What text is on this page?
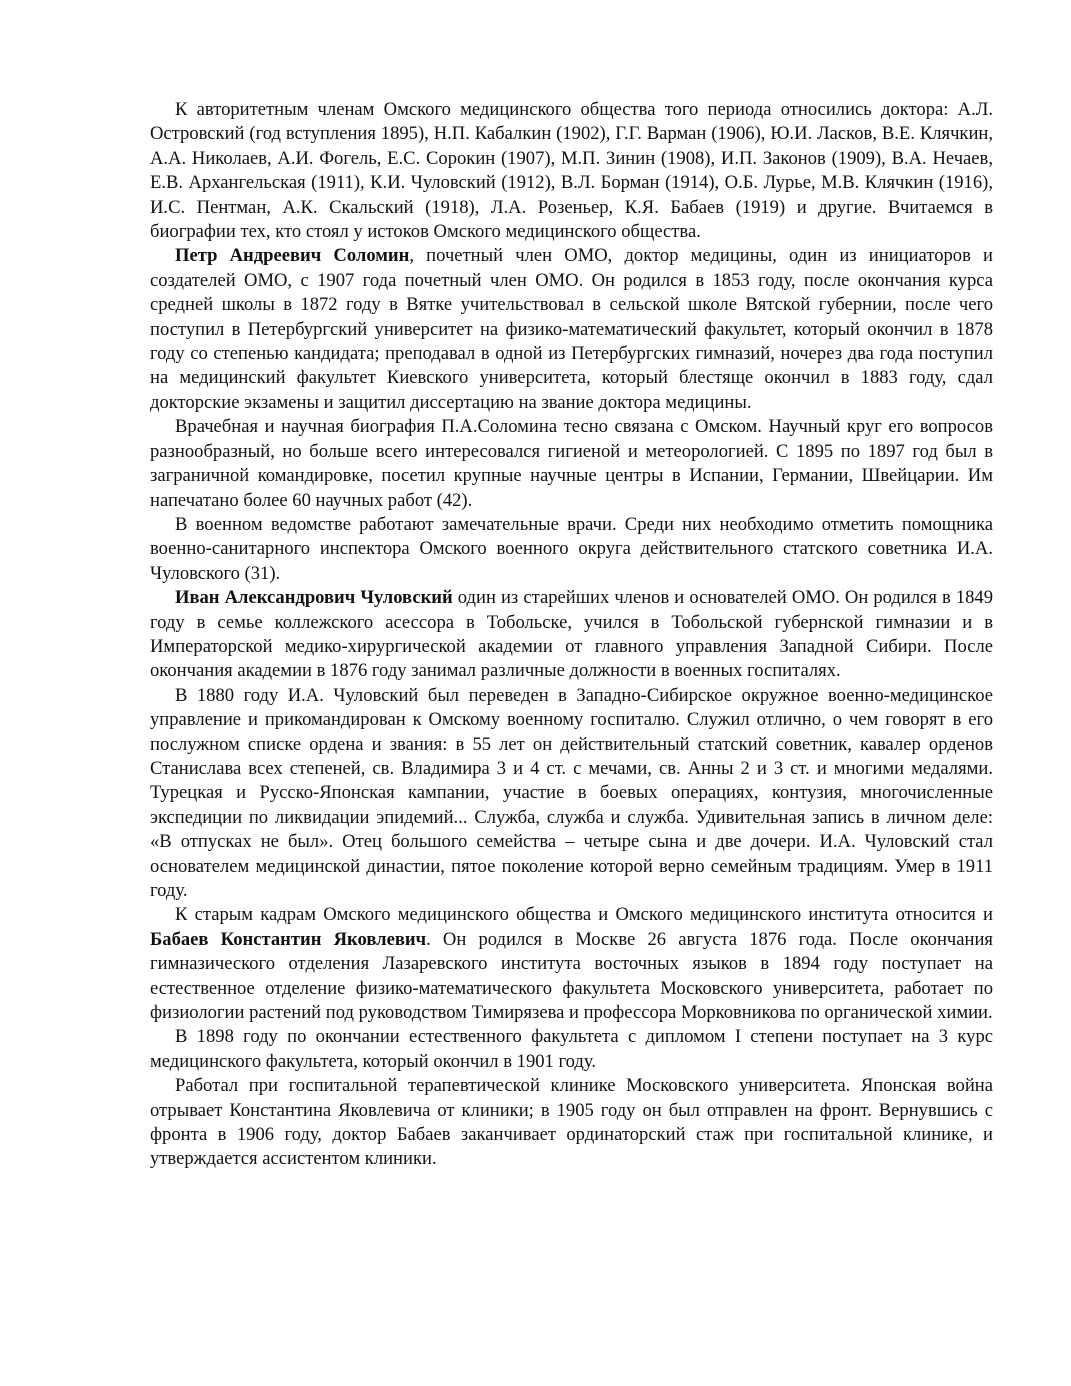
К авторитетным членам Омского медицинского общества того периода относились доктора: А.Л. Островский (год вступления 1895), Н.П. Кабалкин (1902), Г.Г. Варман (1906), Ю.И. Ласков, В.Е. Клячкин, А.А. Николаев, А.И. Фогель, Е.С. Сорокин (1907), М.П. Зинин (1908), И.П. Законов (1909), В.А. Нечаев, Е.В. Архангельская (1911), К.И. Чуловский (1912), В.Л. Борман (1914), О.Б. Лурье, М.В. Клячкин (1916), И.С. Пентман, А.К. Скальский (1918), Л.А. Розеньер, К.Я. Бабаев (1919) и другие. Вчитаемся в биографии тех, кто стоял у истоков Омского медицинского общества.

Петр Андреевич Соломин, почетный член ОМО, доктор медицины, один из инициаторов и создателей ОМО, с 1907 года почетный член ОМО. Он родился в 1853 году, после окончания курса средней школы в 1872 году в Вятке учительствовал в сельской школе Вятской губернии, после чего поступил в Петербургский университет на физико-математический факультет, который окончил в 1878 году со степенью кандидата; преподавал в одной из Петербургских гимназий, ночерез два года поступил на медицинский факультет Киевского университета, который блестяще окончил в 1883 году, сдал докторские экзамены и защитил диссертацию на звание доктора медицины.

Врачебная и научная биография П.А.Соломина тесно связана с Омском. Научный круг его вопросов разнообразный, но больше всего интересовался гигиеной и метеорологией. С 1895 по 1897 год был в заграничной командировке, посетил крупные научные центры в Испании, Германии, Швейцарии. Им напечатано более 60 научных работ (42).

В военном ведомстве работают замечательные врачи. Среди них необходимо отметить помощника военно-санитарного инспектора Омского военного округа действительного статского советника И.А. Чуловского (31).

Иван Александрович Чуловский один из старейших членов и основателей ОМО. Он родился в 1849 году в семье коллежского асессора в Тобольске, учился в Тобольской губернской гимназии и в Императорской медико-хирургической академии от главного управления Западной Сибири. После окончания академии в 1876 году занимал различные должности в военных госпиталях.

В 1880 году И.А. Чуловский был переведен в Западно-Сибирское окружное военно-медицинское управление и прикомандирован к Омскому военному госпиталю. Служил отлично, о чем говорят в его послужном списке ордена и звания: в 55 лет он действительный статский советник, кавалер орденов Станислава всех степеней, св. Владимира 3 и 4 ст. с мечами, св. Анны 2 и 3 ст. и многими медалями. Турецкая и Русско-Японская кампании, участие в боевых операциях, контузия, многочисленные экспедиции по ликвидации эпидемий... Служба, служба и служба. Удивительная запись в личном деле: «В отпусках не был». Отец большого семейства – четыре сына и две дочери. И.А. Чуловский стал основателем медицинской династии, пятое поколение которой верно семейным традициям. Умер в 1911 году.

К старым кадрам Омского медицинского общества и Омского медицинского института относится и Бабаев Константин Яковлевич. Он родился в Москве 26 августа 1876 года. После окончания гимназического отделения Лазаревского института восточных языков в 1894 году поступает на естественное отделение физико-математического факультета Московского университета, работает по физиологии растений под руководством Тимирязева и профессора Морковникова по органической химии.

В 1898 году по окончании естественного факультета с дипломом I степени поступает на 3 курс медицинского факультета, который окончил в 1901 году.

Работал при госпитальной терапевтической клинике Московского университета. Японская война отрывает Константина Яковлевича от клиники; в 1905 году он был отправлен на фронт. Вернувшись с фронта в 1906 году, доктор Бабаев заканчивает ординаторский стаж при госпитальной клинике, и утверждается ассистентом клиники.
